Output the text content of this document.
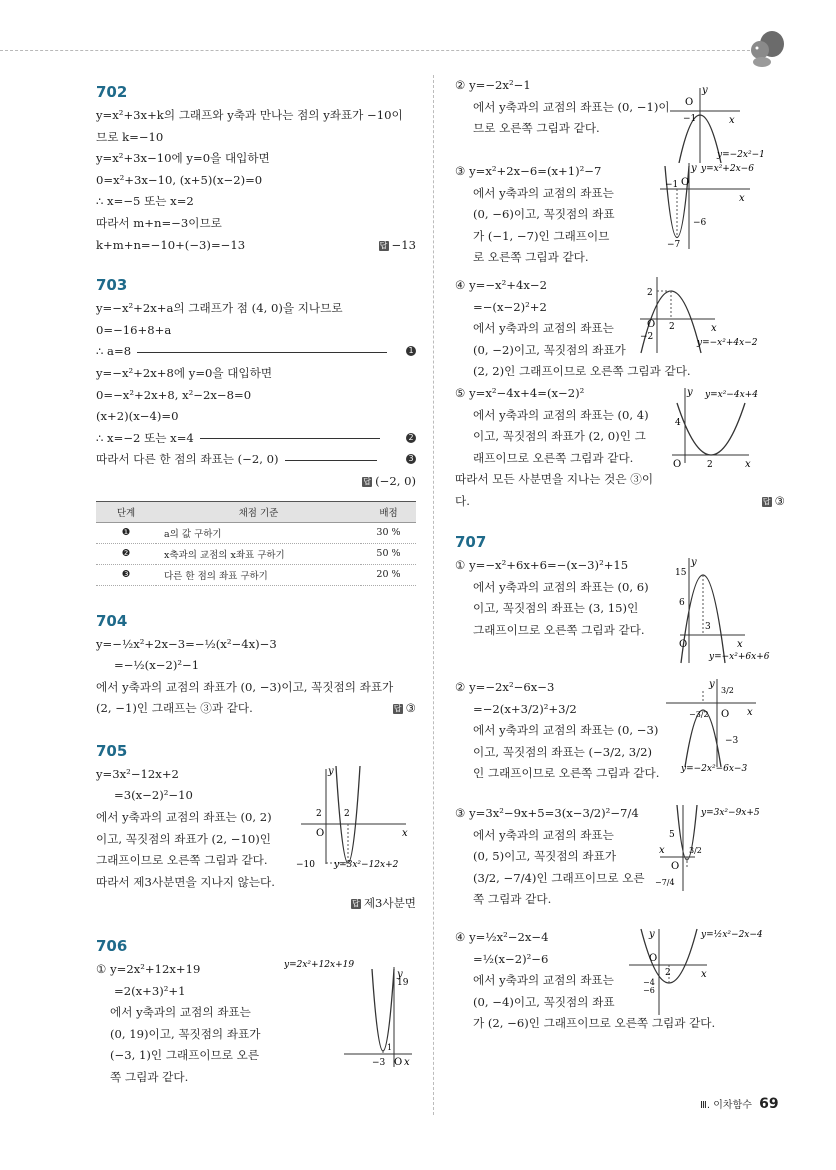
702
y=x²+3x+k의 그래프와 y축과 만나는 점의 y좌표가 −10이
므로 k=−10
y=x²+3x−10에 y=0을 대입하면
0=x²+3x−10, (x+5)(x−2)=0
∴ x=−5 또는 x=2
따라서 m+n=−3이므로
k+m+n=−10+(−3)=−13	답 −13
703
y=−x²+2x+a의 그래프가 점 (4, 0)을 지나므로
0=−16+8+a
∴ a=8	1
y=−x²+2x+8에 y=0을 대입하면
0=−x²+2x+8, x²−2x−8=0
(x+2)(x−4)=0
∴ x=−2 또는 x=4	2
따라서 다른 한 점의 좌표는 (−2, 0)	3
답 (−2, 0)
단계	채점 기준	배점
❶	a의 값 구하기	30 %
❷	x축과의 교점의 x좌표 구하기	50 %
❸	다른 한 점의 좌표 구하기	20 %
704
y=−½x²+2x−3=−½(x²−4x)−3
=−½(x−2)²−1
에서 y축과의 교점의 좌표가 (0, −3)이고, 꼭짓점의 좌표가
(2, −1)인 그래프는 ③과 같다.	답 ③
705
y=3x²−12x+2
=3(x−2)²−10
에서 y축과의 교점의 좌표는 (0, 2)
이고, 꼭짓점의 좌표가 (2, −10)인
그래프이므로 오른쪽 그림과 같다.
따라서 제3사분면을 지나지 않는다.
답 제3사분면
y
x
2 2
O
−10 y=3x²−12x+2
706
① y=2x²+12x+19
=2(x+3)²+1
에서 y축과의 교점의 좌표는
(0, 19)이고, 꼭짓점의 좌표가
(−3, 1)인 그래프이므로 오른
쪽 그림과 같다.
y=2x²+12x+19
19
1
−3 O x
y
② y=−2x²−1
에서 y축과의 교점의 좌표는 (0, −1)이
므로 오른쪽 그림과 같다.
O
−1	x
y
y=−2x²−1
③ y=x²+2x−6=(x+1)²−7
에서 y축과의 교점의 좌표는
(0, −6)이고, 꼭짓점의 좌표
가 (−1, −7)인 그래프이므
로 오른쪽 그림과 같다.
−1 O
−6
−7
x
y y=x²+2x−6
④ y=−x²+4x−2
=−(x−2)²+2
에서 y축과의 교점의 좌표는
(0, −2)이고, 꼭짓점의 좌표가
(2, 2)인 그래프이므로 오른쪽 그림과 같다.
2
O 2
−2
x
y=−x²+4x−2
⑤ y=x²−4x+4=(x−2)²
에서 y축과의 교점의 좌표는 (0, 4)
이고, 꼭짓점의 좌표가 (2, 0)인 그
래프이므로 오른쪽 그림과 같다.
따라서 모든 사분면을 지나는 것은 ③이
다.	답 ③
4
O	2	x
y y=x²−4x+4
707
① y=−x²+6x+6=−(x−3)²+15
에서 y축과의 교점의 좌표는 (0, 6)
이고, 꼭짓점의 좌표는 (3, 15)인
그래프이므로 오른쪽 그림과 같다.
15
6
O
3
x
y
y=−x²+6x+6
② y=−2x²−6x−3
=−2(x+3/2)²+3/2
에서 y축과의 교점의 좌표는 (0, −3)
이고, 꼭짓점의 좌표는 (−3/2, 3/2)
인 그래프이므로 오른쪽 그림과 같다.
3/2
−3/2 O
−3
x
y
y=−2x²−6x−3
③ y=3x²−9x+5=3(x−3/2)²−7/4
에서 y축과의 교점의 좌표는
(0, 5)이고, 꼭짓점의 좌표가
(3/2, −7/4)인 그래프이므로 오른
쪽 그림과 같다.
5
O
3/2
−7/4
x
y=3x²−9x+5
④ y=½x²−2x−4
=½(x−2)²−6
에서 y축과의 교점의 좌표는
(0, −4)이고, 꼭짓점의 좌표
가 (2, −6)인 그래프이므로 오른쪽 그림과 같다.
O
2
−4
−6
x
y	y=½x²−2x−4
Ⅲ. 이차함수 69
